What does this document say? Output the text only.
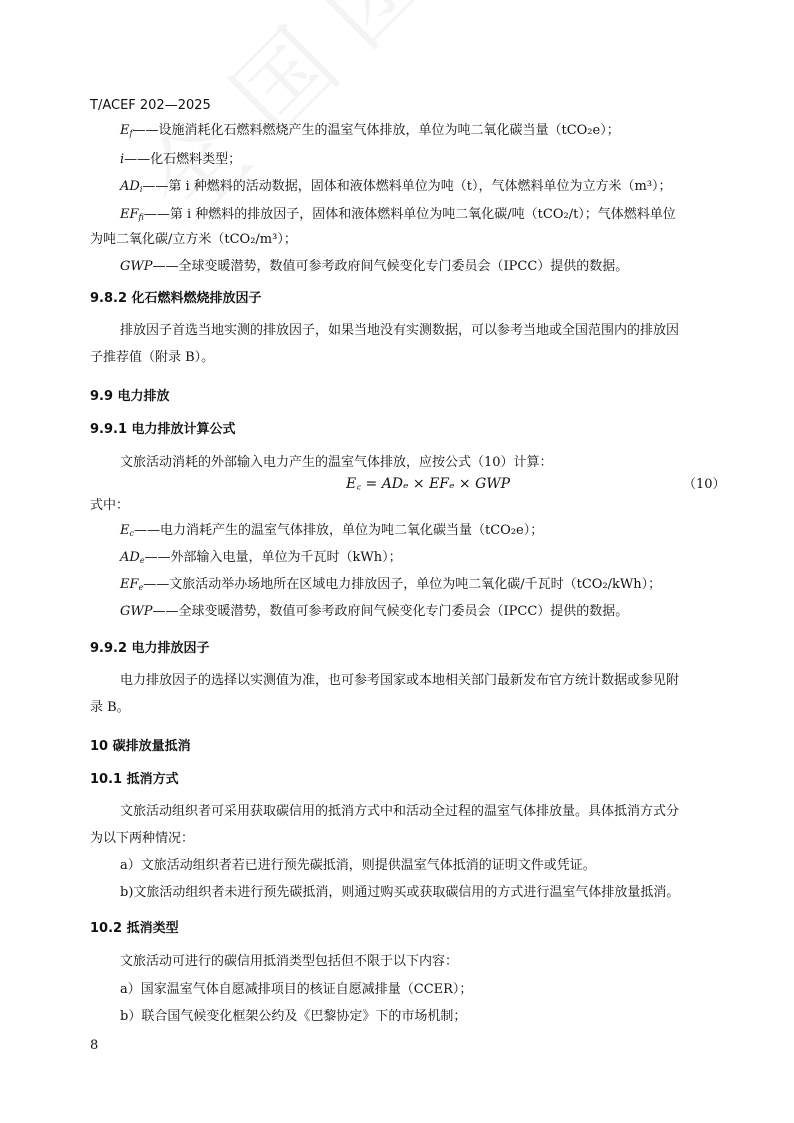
T/ACEF 202—2025
$E_f——$设施消耗化石燃料燃烧产生的温室气体排放，单位为吨二氧化碳当量（tCO₂e）；
i——化石燃料类型；
$AD_i——$第 i 种燃料的活动数据，固体和液体燃料单位为吨（t），气体燃料单位为立方米（m³）；
$EF_{fi}——$第 i 种燃料的排放因子，固体和液体燃料单位为吨二氧化碳/吨（tCO₂/t）；气体燃料单位
为吨二氧化碳/立方米（tCO₂/m³）；
GWP——全球变暖潜势，数值可参考政府间气候变化专门委员会（IPCC）提供的数据。
9.8.2 化石燃料燃烧排放因子
排放因子首选当地实测的排放因子，如果当地没有实测数据，可以参考当地或全国范围内的排放因
子推荐值（附录 B）。
9.9 电力排放
9.9.1 电力排放计算公式
文旅活动消耗的外部输入电力产生的温室气体排放，应按公式（10）计算：
E꜀ = ADₑ × EFₑ × GWP	（10）
式中：
$E_c——$电力消耗产生的温室气体排放，单位为吨二氧化碳当量（tCO₂e）；
$AD_e——$外部输入电量，单位为千瓦时（kWh）；
$EF_e——$文旅活动举办场地所在区域电力排放因子，单位为吨二氧化碳/千瓦时（tCO₂/kWh）；
GWP——全球变暖潜势，数值可参考政府间气候变化专门委员会（IPCC）提供的数据。
9.9.2 电力排放因子
电力排放因子的选择以实测值为准，也可参考国家或本地相关部门最新发布官方统计数据或参见附
录 B。
10 碳排放量抵消
10.1 抵消方式
文旅活动组织者可采用获取碳信用的抵消方式中和活动全过程的温室气体排放量。具体抵消方式分
为以下两种情况：
a）文旅活动组织者若已进行预先碳抵消，则提供温室气体抵消的证明文件或凭证。
b)文旅活动组织者未进行预先碳抵消，则通过购买或获取碳信用的方式进行温室气体排放量抵消。
10.2 抵消类型
文旅活动可进行的碳信用抵消类型包括但不限于以下内容：
a）国家温室气体自愿减排项目的核证自愿减排量（CCER）；
b）联合国气候变化框架公约及《巴黎协定》下的市场机制；
8
